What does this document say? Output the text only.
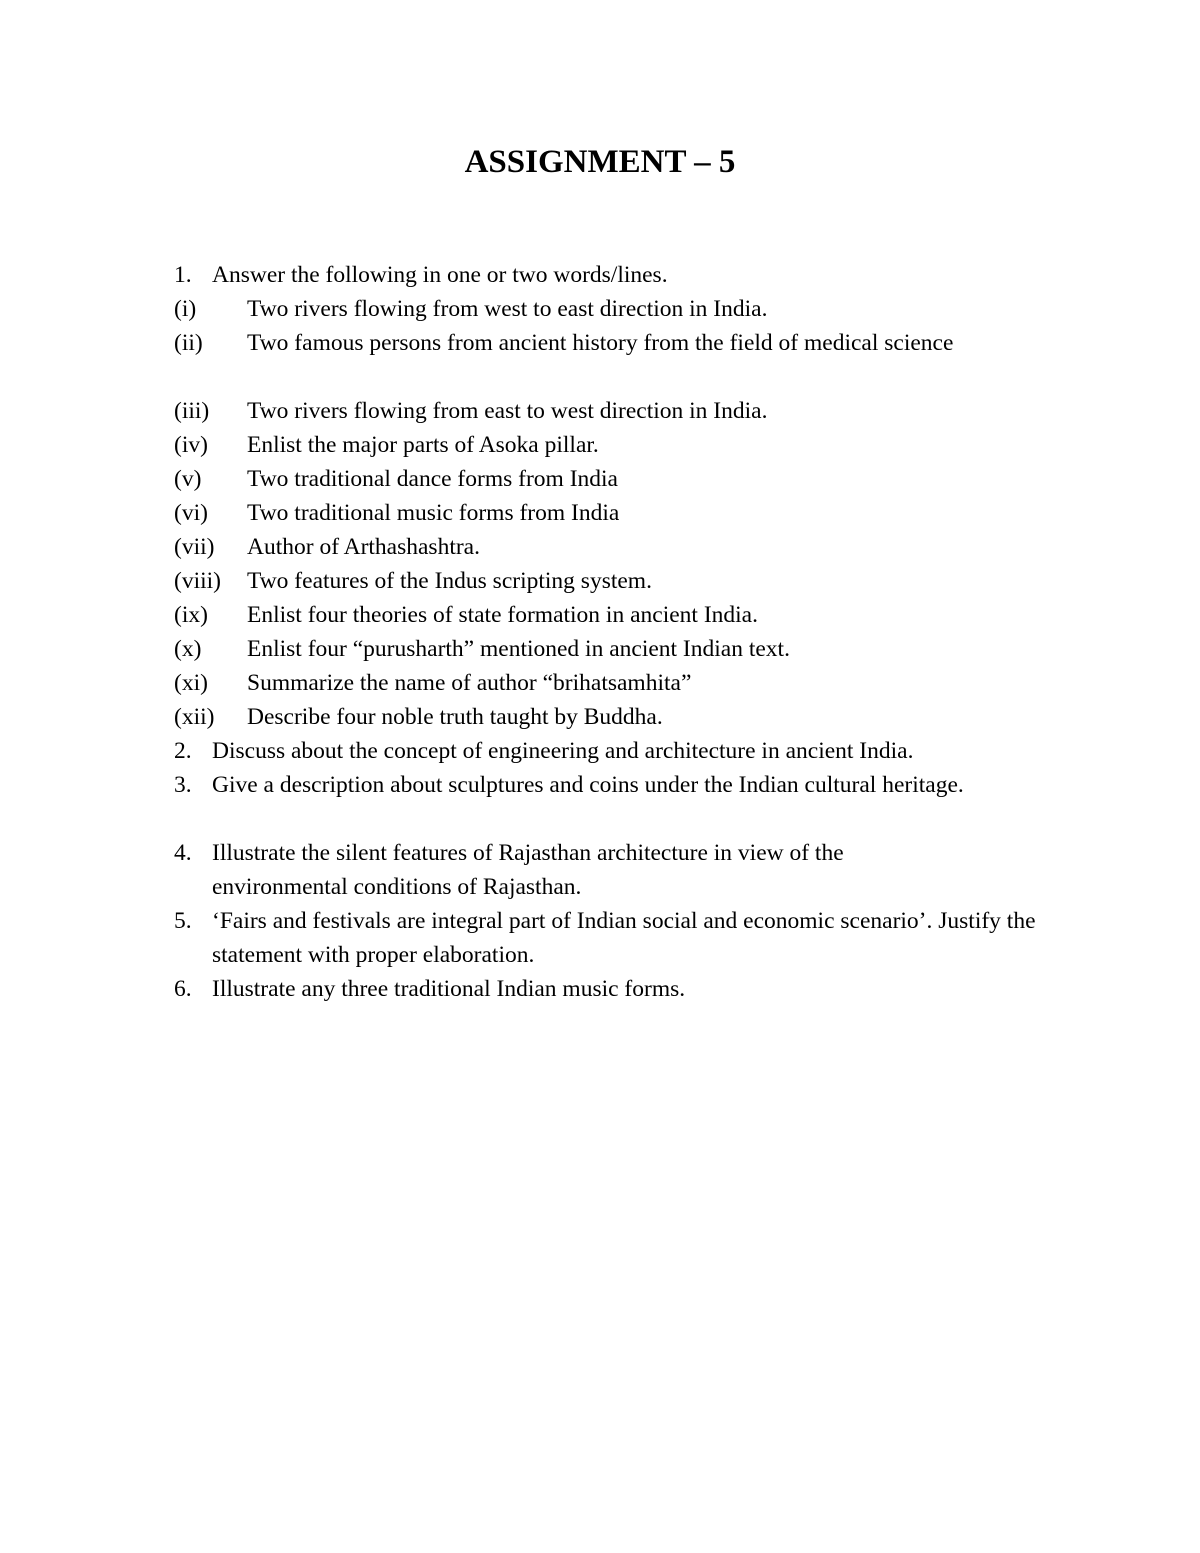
ASSIGNMENT – 5
1. Answer the following in one or two words/lines.
(i)	Two rivers flowing from west to east direction in India.
(ii)	Two famous persons from ancient history from the field of medical science
(iii)	Two rivers flowing from east to west direction in India.
(iv)	Enlist the major parts of Asoka pillar.
(v)	Two traditional dance forms from India
(vi)	Two traditional music forms from India
(vii)	Author of Arthashashtra.
(viii)	Two features of the Indus scripting system.
(ix)	Enlist four theories of state formation in ancient India.
(x)	Enlist four “purusharth” mentioned in ancient Indian text.
(xi)	Summarize the name of author “brihatsamhita”
(xii)	Describe four noble truth taught by Buddha.
2. Discuss about the concept of engineering and architecture in ancient India.
3. Give a description about sculptures and coins under the Indian cultural heritage.
4. Illustrate the silent features of Rajasthan architecture in view of the environmental conditions of Rajasthan.
5. ‘Fairs and festivals are integral part of Indian social and economic scenario’. Justify the statement with proper elaboration.
6. Illustrate any three traditional Indian music forms.
